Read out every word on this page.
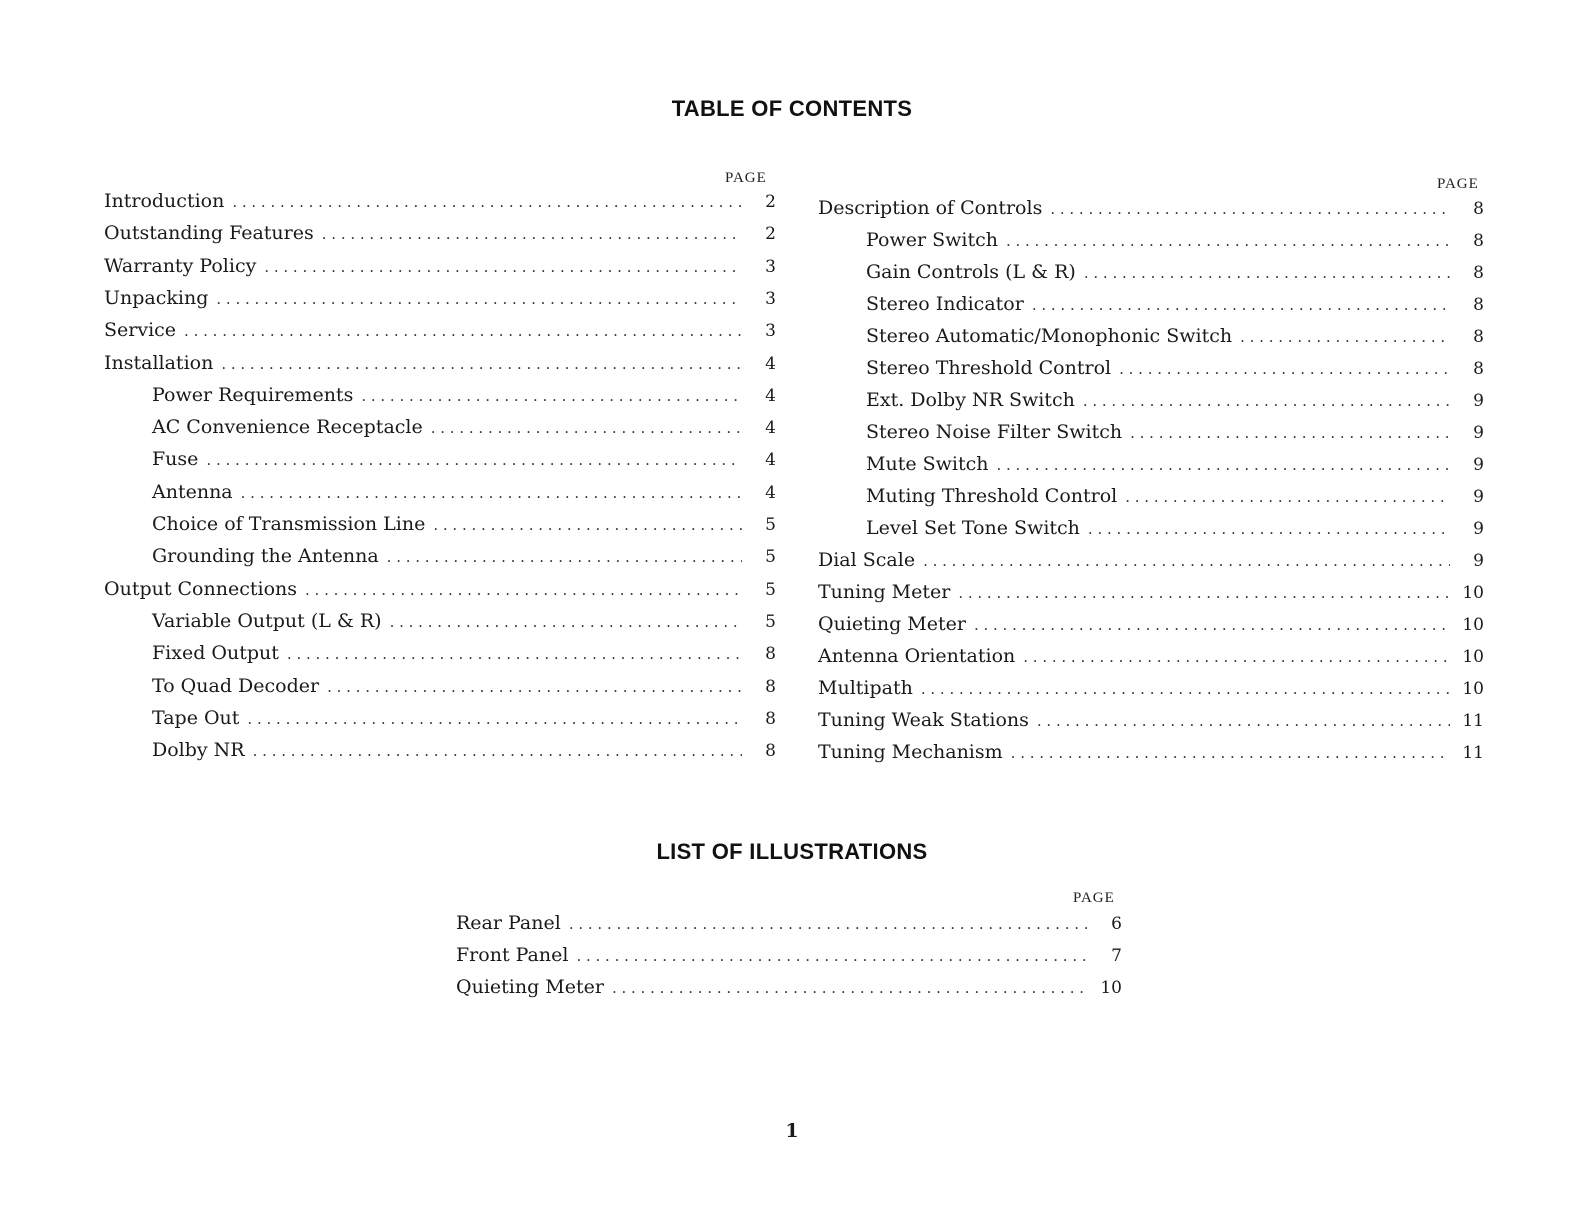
TABLE OF CONTENTS
PAGE	PAGE
Introduction . . .	2
Outstanding Features . . .	2
Warranty Policy . . .	3
Unpacking . . .	3
Service . . .	3
Installation . . .	4
Power Requirements . . .	4
AC Convenience Receptacle . . .	4
Fuse . . .	4
Antenna . . .	4
Choice of Transmission Line . . .	5
Grounding the Antenna . . .	5
Output Connections . . .	5
Variable Output (L & R) . . .	5
Fixed Output . . .	8
To Quad Decoder . . .	8
Tape Out . . .	8
Dolby NR . . .	8
Description of Controls . . .	8
Power Switch . . .	8
Gain Controls (L & R) . . .	8
Stereo Indicator . . .	8
Stereo Automatic/Monophonic Switch . . .	8
Stereo Threshold Control . . .	8
Ext. Dolby NR Switch . . .	9
Stereo Noise Filter Switch . . .	9
Mute Switch . . .	9
Muting Threshold Control . . .	9
Level Set Tone Switch . . .	9
Dial Scale . . .	9
Tuning Meter . . .	10
Quieting Meter . . .	10
Antenna Orientation . . .	10
Multipath . . .	10
Tuning Weak Stations . . .	11
Tuning Mechanism . . .	11
LIST OF ILLUSTRATIONS
PAGE
Rear Panel . . .	6
Front Panel . . .	7
Quieting Meter . . .	10
1
